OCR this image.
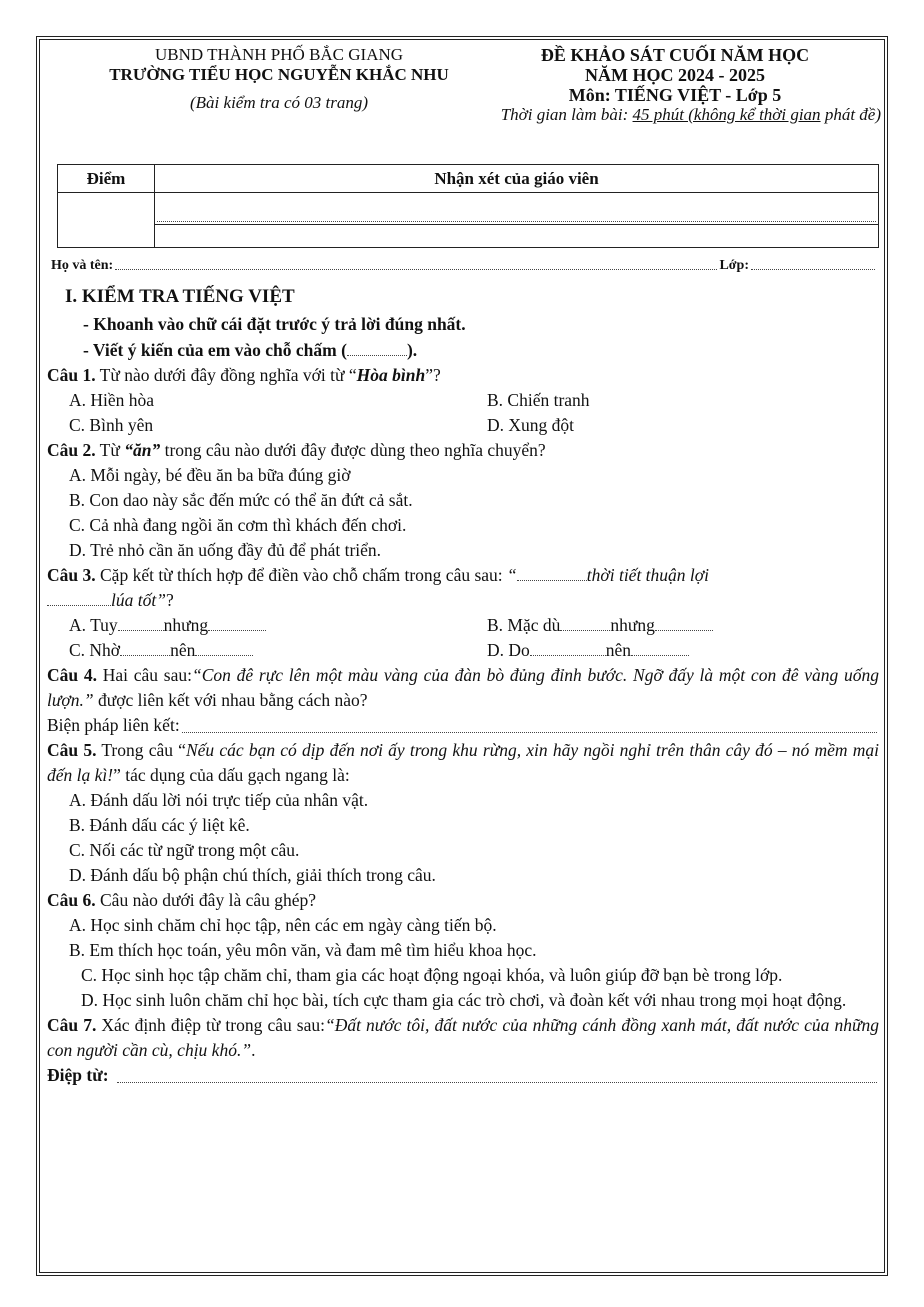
UBND THÀNH PHỐ BẮC GIANG
TRƯỜNG TIỂU HỌC NGUYỄN KHẮC NHU
(Bài kiểm tra có 03 trang)
ĐỀ KHẢO SÁT CUỐI NĂM HỌC
NĂM HỌC 2024 - 2025
Môn: TIẾNG VIỆT - Lớp 5
Thời gian làm bài: 45 phút (không kể thời gian phát đề)
Điểm	Nhận xét của giáo viên

Họ và tên:	Lớp:
I. KIỂM TRA TIẾNG VIỆT
- Khoanh vào chữ cái đặt trước ý trả lời đúng nhất.
- Viết ý kiến của em vào chỗ chấm (	).
Câu 1. Từ nào dưới đây đồng nghĩa với từ “Hòa bình”?
A. Hiền hòa	B. Chiến tranh
C. Bình yên	D. Xung đột
Câu 2. Từ “ăn” trong câu nào dưới đây được dùng theo nghĩa chuyển?
A. Mỗi ngày, bé đều ăn ba bữa đúng giờ
B. Con dao này sắc đến mức có thể ăn đứt cả sắt.
C. Cả nhà đang ngồi ăn cơm thì khách đến chơi.
D. Trẻ nhỏ cần ăn uống đầy đủ để phát triển.
Câu 3. Cặp kết từ thích hợp để điền vào chỗ chấm trong câu sau: “	thời tiết thuận lợi
lúa tốt”?
A. Tuy	nhưng	B. Mặc dù	nhưng
C. Nhờ	nên	D. Do	nên
Câu 4. Hai câu sau:“Con đê rực lên một màu vàng của đàn bò đủng đỉnh bước. Ngỡ đấy là một con đê vàng uống lượn.” được liên kết với nhau bằng cách nào?
Biện pháp liên kết:
Câu 5. Trong câu “Nếu các bạn có dịp đến nơi ấy trong khu rừng, xin hãy ngồi nghỉ trên thân cây đó – nó mềm mại đến lạ kì!” tác dụng của dấu gạch ngang là:
A. Đánh dấu lời nói trực tiếp của nhân vật.
B. Đánh dấu các ý liệt kê.
C. Nối các từ ngữ trong một câu.
D. Đánh dấu bộ phận chú thích, giải thích trong câu.
Câu 6. Câu nào dưới đây là câu ghép?
A. Học sinh chăm chỉ học tập, nên các em ngày càng tiến bộ.
B. Em thích học toán, yêu môn văn, và đam mê tìm hiểu khoa học.
C. Học sinh học tập chăm chỉ, tham gia các hoạt động ngoại khóa, và luôn giúp đỡ bạn bè trong lớp.
D. Học sinh luôn chăm chỉ học bài, tích cực tham gia các trò chơi, và đoàn kết với nhau trong mọi hoạt động.
Câu 7. Xác định điệp từ trong câu sau:“Đất nước tôi, đất nước của những cánh đồng xanh mát, đất nước của những con người cần cù, chịu khó.”.
Điệp từ:
